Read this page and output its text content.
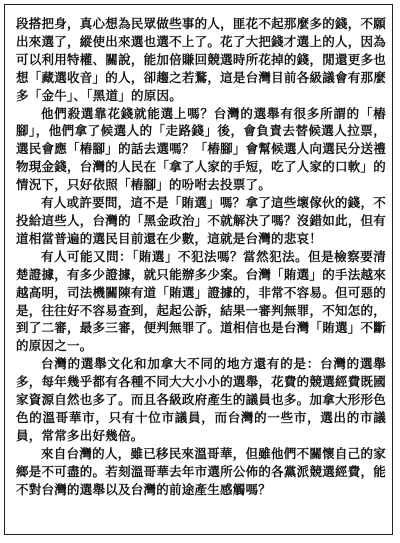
段搭把身，真心想為民眾做些事的人，匪花不起那麼多的錢，不願出來選了，縱使出來選也選不上了。花了大把錢才選上的人，因為可以利用特權、關說，能加倍賺回競選時所花掉的錢，閒還更多也想「藏選收音」的人，卻趨之若鶩，這是台灣目前各級議會有那麼多「金牛」、「黑道」的原因。

他們殺選靠花錢就能選上嗎？台灣的選舉有很多所謂的「樁腳」，他們拿了候選人的「走路錢」後，會負責去替候選人拉票，選民會應「樁腳」的話去選嗎？「樁腳」會幫候選人向選民分送禮物現金錢，台灣的人民在「拿了人家的手短，吃了人家的口軟」的情況下，只好依照「樁腳」的吩咐去投票了。

有人或許要問，這不是「賄選」嗎？拿了這些壞傢伙的錢，不投給這些人，台灣的「黑金政治」不就解決了嗎？沒錯如此，但有道相當普遍的選民目前還在少數，這就是台灣的悲哀！

有人可能又問：「賄選」不犯法嗎？當然犯法。但是檢察要清楚證據，有多少證據，就只能辦多少案。台灣「賄選」的手法越來越高明，司法機關陳有道「賄選」證據的，非常不容易。但可惡的是，往往好不容易查到，起起公訴，結果一審判無罪，不知怎的，到了二審，最多三審，便判無罪了。道相信也是台灣「賄選」不斷的原因之一。

台灣的選舉文化和加拿大不同的地方還有的是：台灣的選舉多，每年幾乎都有各種不同大大小小的選舉，花費的競選經費既國家資源自然也多了。而且各級政府產生的議員也多。加拿大形形色色的溫哥華市，只有十位市議員，而台灣的一些市，選出的市議員，常常多出好幾倍。

來自台灣的人，雖已移民來溫哥華，但雖他們不關懷自己的家鄉是不可盡的。若刻溫哥華去年市選所公佈的各黨派競選經費，能不對台灣的選舉以及台灣的前途產生感觸嗎？
